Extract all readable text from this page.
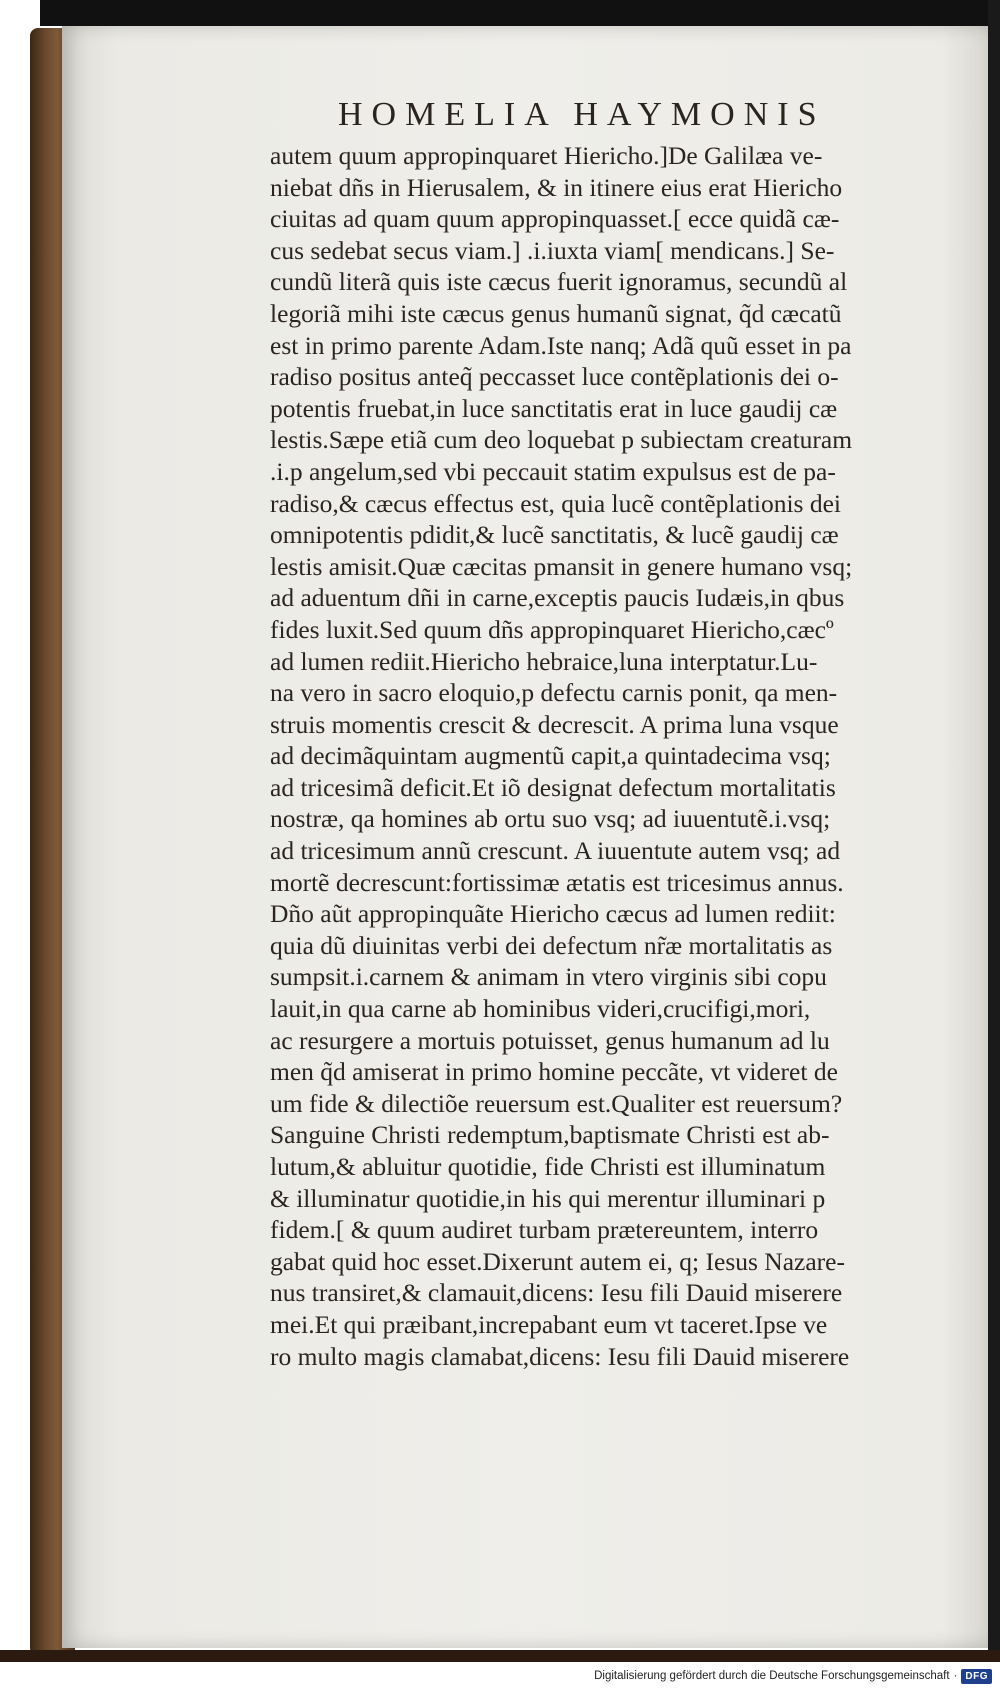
HOMELIA HAYMONIS
autem quum appropinquaret Hiericho.]De Galilæa ve-
niebat dñs in Hierusalem, & in itinere eius erat Hiericho
ciuitas ad quam quum appropinquasset.[ ecce quidã cæ-
cus sedebat secus viam.] .i.iuxta viam[ mendicans.] Se-
cundũ literã quis iste cæcus fuerit ignoramus, secundũ al
legoriã mihi iste cæcus genus humanũ signat, q̃d cæcatũ
est in primo parente Adam.Iste nanq; Adã quũ esset in pa
radiso positus anteq̃ peccasset luce contẽplationis dei o-
potentis fruebat,in luce sanctitatis erat in luce gaudij cæ
lestis.Sæpe etiã cum deo loquebat p subiectam creaturam
.i.p angelum,sed vbi peccauit statim expulsus est de pa-
radiso,& cæcus effectus est, quia lucẽ contẽplationis dei
omnipotentis pdidit,& lucẽ sanctitatis, & lucẽ gaudij cæ
lestis amisit.Quæ cæcitas pmansit in genere humano vsq;
ad aduentum dñi in carne,exceptis paucis Iudæis,in qbus
fides luxit.Sed quum dñs appropinquaret Hiericho,cæcº
ad lumen rediit.Hiericho hebraice,luna interptatur.Lu-
na vero in sacro eloquio,p defectu carnis ponit, qa men-
struis momentis crescit & decrescit. A prima luna vsque
ad decimãquintam augmentũ capit,a quintadecima vsq;
ad tricesimã deficit.Et iõ designat defectum mortalitatis
nostræ, qa homines ab ortu suo vsq; ad iuuentutẽ.i.vsq;
ad tricesimum annũ crescunt. A iuuentute autem vsq; ad
mortẽ decrescunt:fortissimæ ætatis est tricesimus annus.
Dño aũt appropinquãte Hiericho cæcus ad lumen rediit:
quia dũ diuinitas verbi dei defectum nr̃æ mortalitatis as
sumpsit.i.carnem & animam in vtero virginis sibi copu
lauit,in qua carne ab hominibus videri,crucifigi,mori,
ac resurgere a mortuis potuisset, genus humanum ad lu
men q̃d amiserat in primo homine peccãte, vt videret de
um fide & dilectiõe reuersum est.Qualiter est reuersum?
Sanguine Christi redemptum,baptismate Christi est ab-
lutum,& abluitur quotidie, fide Christi est illuminatum
& illuminatur quotidie,in his qui merentur illuminari p
fidem.[ & quum audiret turbam prætereuntem, interro
gabat quid hoc esset.Dixerunt autem ei, q; Iesus Nazare-
nus transiret,& clamauit,dicens: Iesu fili Dauid miserere
mei.Et qui præibant,increpabant eum vt taceret.Ipse ve
ro multo magis clamabat,dicens: Iesu fili Dauid miserere
Digitalisierung gefördert durch die Deutsche Forschungsgemeinschaft · DFG
